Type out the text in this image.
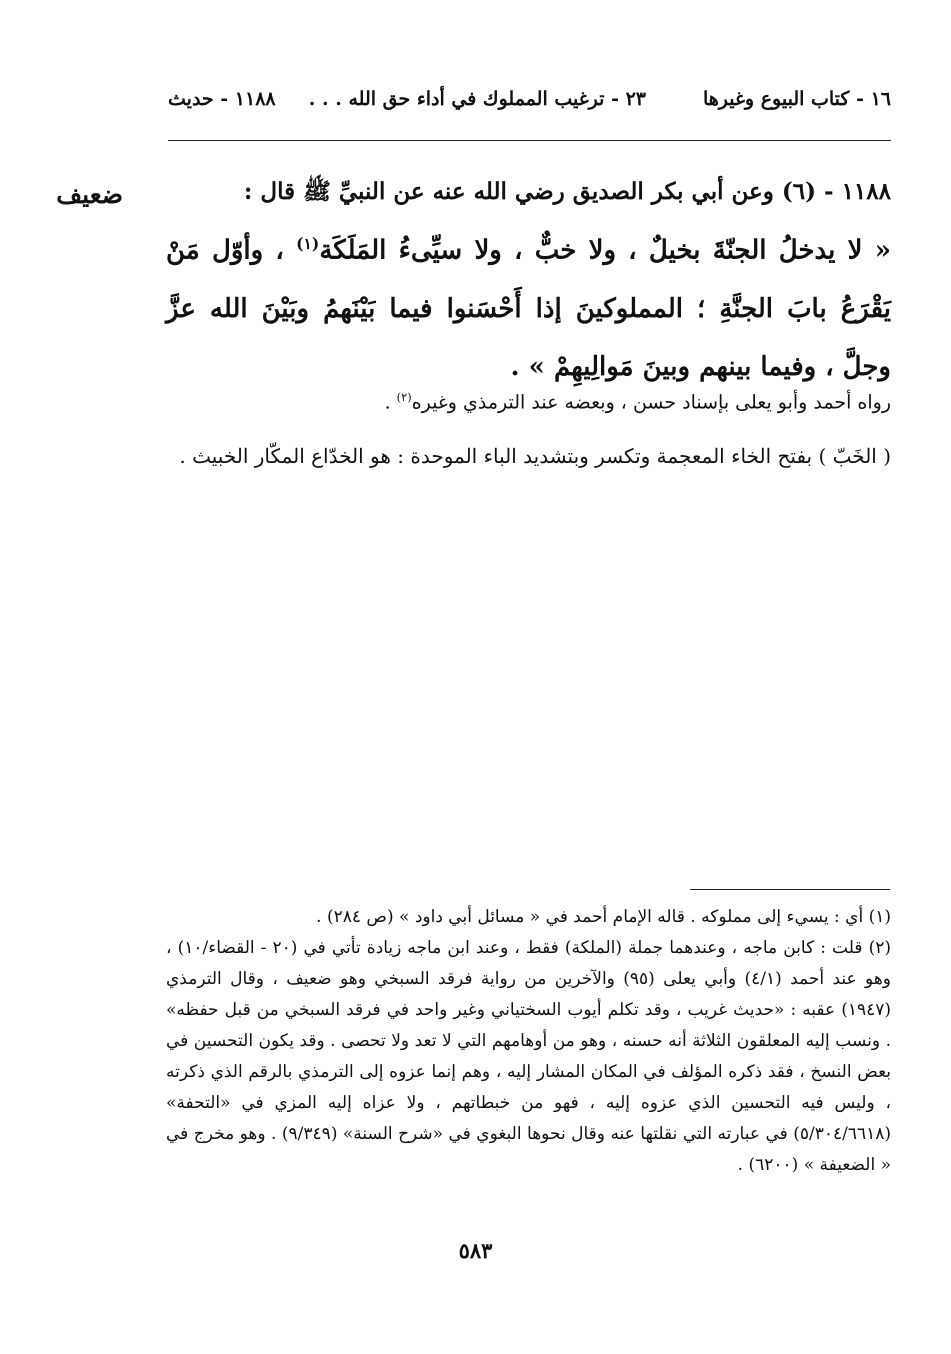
١٦ - كتاب البيوع وغيرها
٢٣ - ترغيب المملوك في أداء حق الله . . .
١١٨٨ - حديث
ضعيف	١١٨٨ - (٦) وعن أبي بكر الصديق رضي الله عنه عن النبيِّ ﷺ قال :
« لا يدخلُ الجنّةَ بخيلٌ ، ولا خبٌّ ، ولا سيِّىءُ المَلَكَة$^{(١)}$ ، وأوّل مَنْ يَقْرَعُ بابَ الجنَّةِ ؛ المملوكينَ إذا أَحْسَنوا فيما بَيْنَهمُ وبَيْنَ الله عزَّ وجلَّ ، وفيما بينهم وبينَ مَوالِيهِمْ » .
رواه أحمد وأبو يعلى بإسناد حسن ، وبعضه عند الترمذي وغيره$^{(٢)}$ .
( الخَبّ ) بفتح الخاء المعجمة وتكسر وبتشديد الباء الموحدة : هو الخدّاع المكّار الخبيث .

(١) أي : يسيء إلى مملوكه . قاله الإمام أحمد في « مسائل أبي داود » (ص ٢٨٤) .

(٢) قلت : كابن ماجه ، وعندهما جملة (الملكة) فقط ، وعند ابن ماجه زيادة تأتي في (٢٠ - القضاء/١٠) ، وهو عند أحمد (٤/١) وأبي يعلى (٩٥) والآخرين من رواية فرقد السبخي وهو ضعيف ، وقال الترمذي (١٩٤٧) عقبه : «حديث غريب ، وقد تكلم أيوب السختياني وغير واحد في فرقد السبخي من قبل حفظه» . ونسب إليه المعلقون الثلاثة أنه حسنه ، وهو من أوهامهم التي لا تعد ولا تحصى . وقد يكون التحسين في بعض النسخ ، فقد ذكره المؤلف في المكان المشار إليه ، وهم إنما عزوه إلى الترمذي بالرقم الذي ذكرته ، وليس فيه التحسين الذي عزوه إليه ، فهو من خبطاتهم ، ولا عزاه إليه المزي في «التحفة» (٥/٣٠٤/٦٦١٨) في عبارته التي نقلتها عنه وقال نحوها البغوي في «شرح السنة» (٩/٣٤٩) . وهو مخرج في « الضعيفة » (٦٢٠٠) .

٥٨٣
